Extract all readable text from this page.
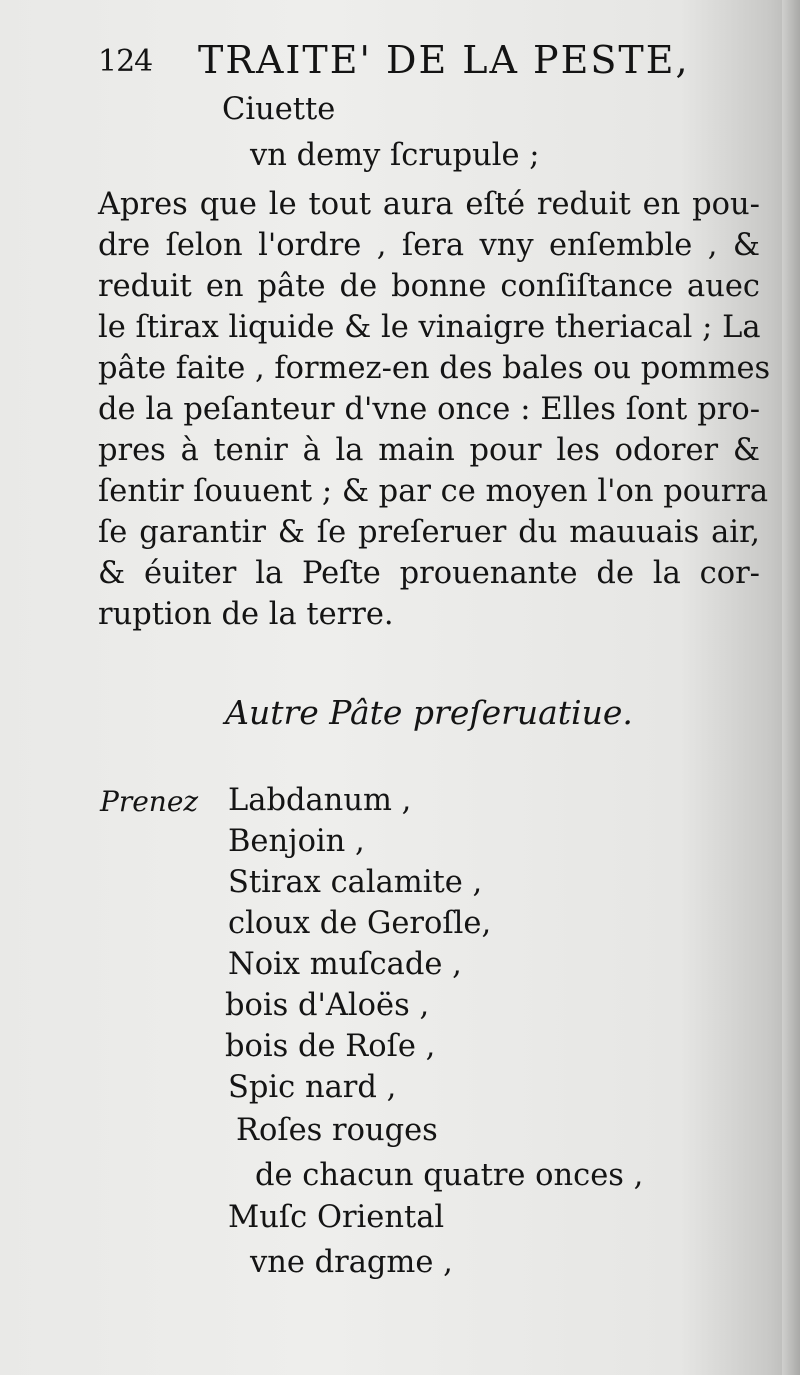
124 TRAITE' DE LA PESTE,
Ciuette
vn demy ſcrupule ;
Apres que le tout aura eſté reduit en pou-
dre ſelon l'ordre , ſera vny enſemble , &
reduit en pâte de bonne conſiſtance auec
le ſtirax liquide & le vinaigre theriacal ; La
pâte faite , formez-en des bales ou pommes
de la peſanteur d'vne once : Elles ſont pro-
pres à tenir à la main pour les odorer &
ſentir ſouuent ; & par ce moyen l'on pourra
ſe garantir & ſe preſeruer du mauuais air,
& éuiter la Peſte prouenante de la cor-
ruption de la terre.
Autre Pâte preſeruatiue.
Prenez Labdanum ,
Benjoin ,
Stirax calamite ,
cloux de Geroſle,
Noix muſcade ,
bois d'Aloës ,
bois de Roſe ,
Spic nard ,
Roſes rouges
de chacun quatre onces ,
Muſc Oriental
vne dragme ,
